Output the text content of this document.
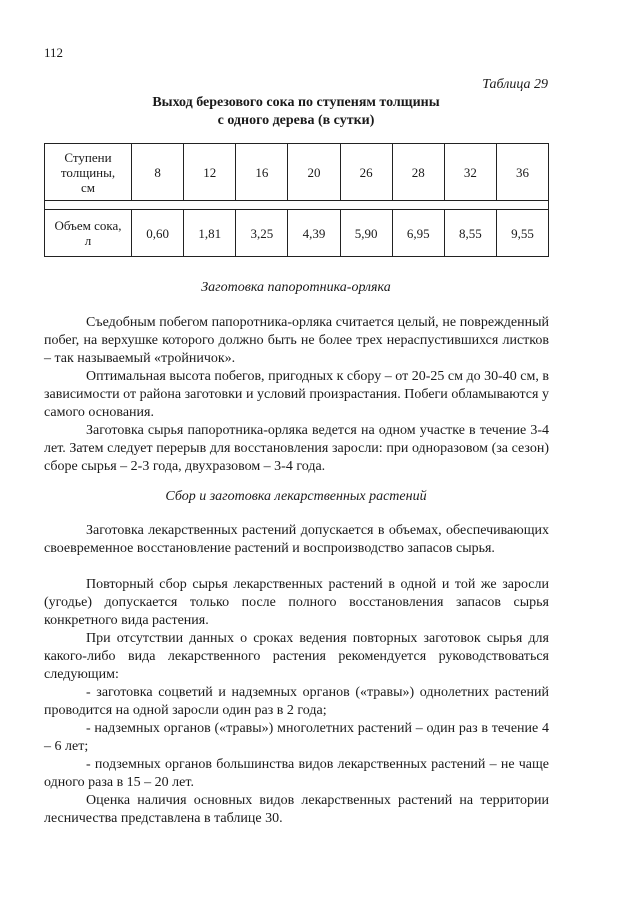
112
Таблица 29
Выход березового сока по ступеням толщины
с одного дерева (в сутки)
Ступени
толщины,
см	8	12	16	20	26	28	32	36

Объем сока,
л	0,60	1,81	3,25	4,39	5,90	6,95	8,55	9,55
Заготовка папоротника-орляка

Съедобным побегом папоротника-орляка считается целый, не поврежденный побег, на верхушке которого должно быть не более трех нераспустившихся листков – так называемый «тройничок».

Оптимальная высота побегов, пригодных к сбору – от 20-25 см до 30-40 см, в зависимости от района заготовки и условий произрастания. Побеги обламываются у самого основания.

Заготовка сырья папоротника-орляка ведется на одном участке в течение 3-4 лет. Затем следует перерыв для восстановления заросли: при одноразовом (за сезон) сборе сырья – 2-3 года, двухразовом – 3-4 года.

Сбор и заготовка лекарственных растений

Заготовка лекарственных растений допускается в объемах, обеспечивающих своевременное восстановление растений и воспроизводство запасов сырья.

Повторный сбор сырья лекарственных растений в одной и той же заросли (угодье) допускается только после полного восстановления запасов сырья конкретного вида растения.

При отсутствии данных о сроках ведения повторных заготовок сырья для какого-либо вида лекарственного растения рекомендуется руководствоваться следующим:

- заготовка соцветий и надземных органов («травы») однолетних растений проводится на одной заросли один раз в 2 года;

- надземных органов («травы») многолетних растений – один раз в течение 4 – 6 лет;

- подземных органов большинства видов лекарственных растений – не чаще одного раза в 15 – 20 лет.

Оценка наличия основных видов лекарственных растений на территории лесничества представлена в таблице 30.
